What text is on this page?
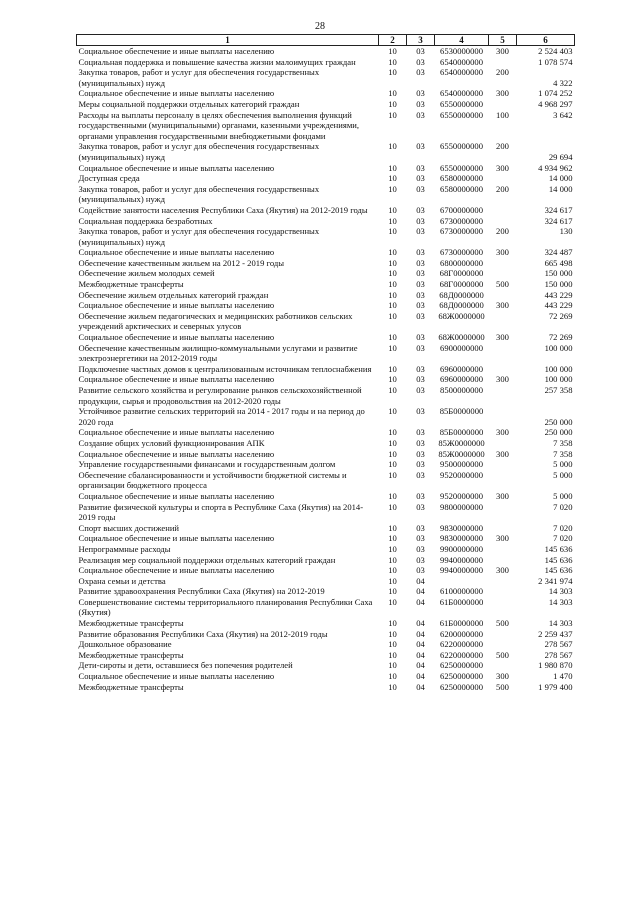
28
1	2	3	4	5	6
Социальное обеспечение и иные выплаты населению	10	03	6530000000	300	2 524 403
Социальная поддержка и повышение качества жизни малоимущих граждан	10	03	6540000000		1 078 574
Закупка товаров, работ и услуг для обеспечения государственных (муниципальных) нужд	10	03	6540000000	200	4 322
Социальное обеспечение и иные выплаты населению	10	03	6540000000	300	1 074 252
Меры социальной поддержки отдельных категорий граждан	10	03	6550000000		4 968 297
Расходы на выплаты персоналу в целях обеспечения выполнения функций государственными (муниципальными) органами, казенными учреждениями, органами управления государственными внебюджетными фондами	10	03	6550000000	100	3 642
Закупка товаров, работ и услуг для обеспечения государственных (муниципальных) нужд	10	03	6550000000	200	29 694
Социальное обеспечение и иные выплаты населению	10	03	6550000000	300	4 934 962
Доступная среда	10	03	6580000000		14 000
Закупка товаров, работ и услуг для обеспечения государственных (муниципальных) нужд	10	03	6580000000	200	14 000
Содействие занятости населения Республики Саха (Якутия) на 2012-2019 годы	10	03	6700000000		324 617
Социальная поддержка безработных	10	03	6730000000		324 617
Закупка товаров, работ и услуг для обеспечения государственных (муниципальных) нужд	10	03	6730000000	200	130
Социальное обеспечение и иные выплаты населению	10	03	6730000000	300	324 487
Обеспечение качественным жильем на 2012 - 2019 годы	10	03	6800000000		665 498
Обеспечение жильем молодых семей	10	03	68Г0000000		150 000
Межбюджетные трансферты	10	03	68Г0000000	500	150 000
Обеспечение жильем отдельных категорий граждан	10	03	68Д0000000		443 229
Социальное обеспечение и иные выплаты населению	10	03	68Д0000000	300	443 229
Обеспечение жильем педагогических и медицинских работников сельских учреждений арктических и северных улусов	10	03	68Ж0000000		72 269
Социальное обеспечение и иные выплаты населению	10	03	68Ж0000000	300	72 269
Обеспечение качественным жилищно-коммунальными услугами и развитие электроэнергетики на 2012-2019 годы	10	03	6900000000		100 000
Подключение частных домов к централизованным источникам теплоснабжения	10	03	6960000000		100 000
Социальное обеспечение и иные выплаты населению	10	03	6960000000	300	100 000
Развитие сельского хозяйства и регулирование рынков сельскохозяйственной продукции, сырья и продовольствия на 2012-2020 годы	10	03	8500000000		257 358
Устойчивое развитие сельских территорий на 2014 - 2017 годы и на период до 2020 года	10	03	85Б0000000		250 000
Социальное обеспечение и иные выплаты населению	10	03	85Б0000000	300	250 000
Создание общих условий функционирования АПК	10	03	85Ж0000000		7 358
Социальное обеспечение и иные выплаты населению	10	03	85Ж0000000	300	7 358
Управление государственными финансами и государственным долгом	10	03	9500000000		5 000
Обеспечение сбалансированности и устойчивости бюджетной системы и организации бюджетного процесса	10	03	9520000000		5 000
Социальное обеспечение и иные выплаты населению	10	03	9520000000	300	5 000
Развитие физической культуры и спорта в Республике Саха (Якутия) на 2014-2019 годы	10	03	9800000000		7 020
Спорт высших достижений	10	03	9830000000		7 020
Социальное обеспечение и иные выплаты населению	10	03	9830000000	300	7 020
Непрограммные расходы	10	03	9900000000		145 636
Реализация мер социальной поддержки отдельных категорий граждан	10	03	9940000000		145 636
Социальное обеспечение и иные выплаты населению	10	03	9940000000	300	145 636
Охрана семьи и детства	10	04			2 341 974
Развитие здравоохранения Республики Саха (Якутия) на 2012-2019	10	04	6100000000		14 303
Совершенствование системы территориального планирования Республики Саха (Якутия)	10	04	61Б0000000		14 303
Межбюджетные трансферты	10	04	61Б0000000	500	14 303
Развитие образования Республики Саха (Якутия) на 2012-2019 годы	10	04	6200000000		2 259 437
Дошкольное образование	10	04	6220000000		278 567
Межбюджетные трансферты	10	04	6220000000	500	278 567
Дети-сироты и дети, оставшиеся без попечения родителей	10	04	6250000000		1 980 870
Социальное обеспечение и иные выплаты населению	10	04	6250000000	300	1 470
Межбюджетные трансферты	10	04	6250000000	500	1 979 400
